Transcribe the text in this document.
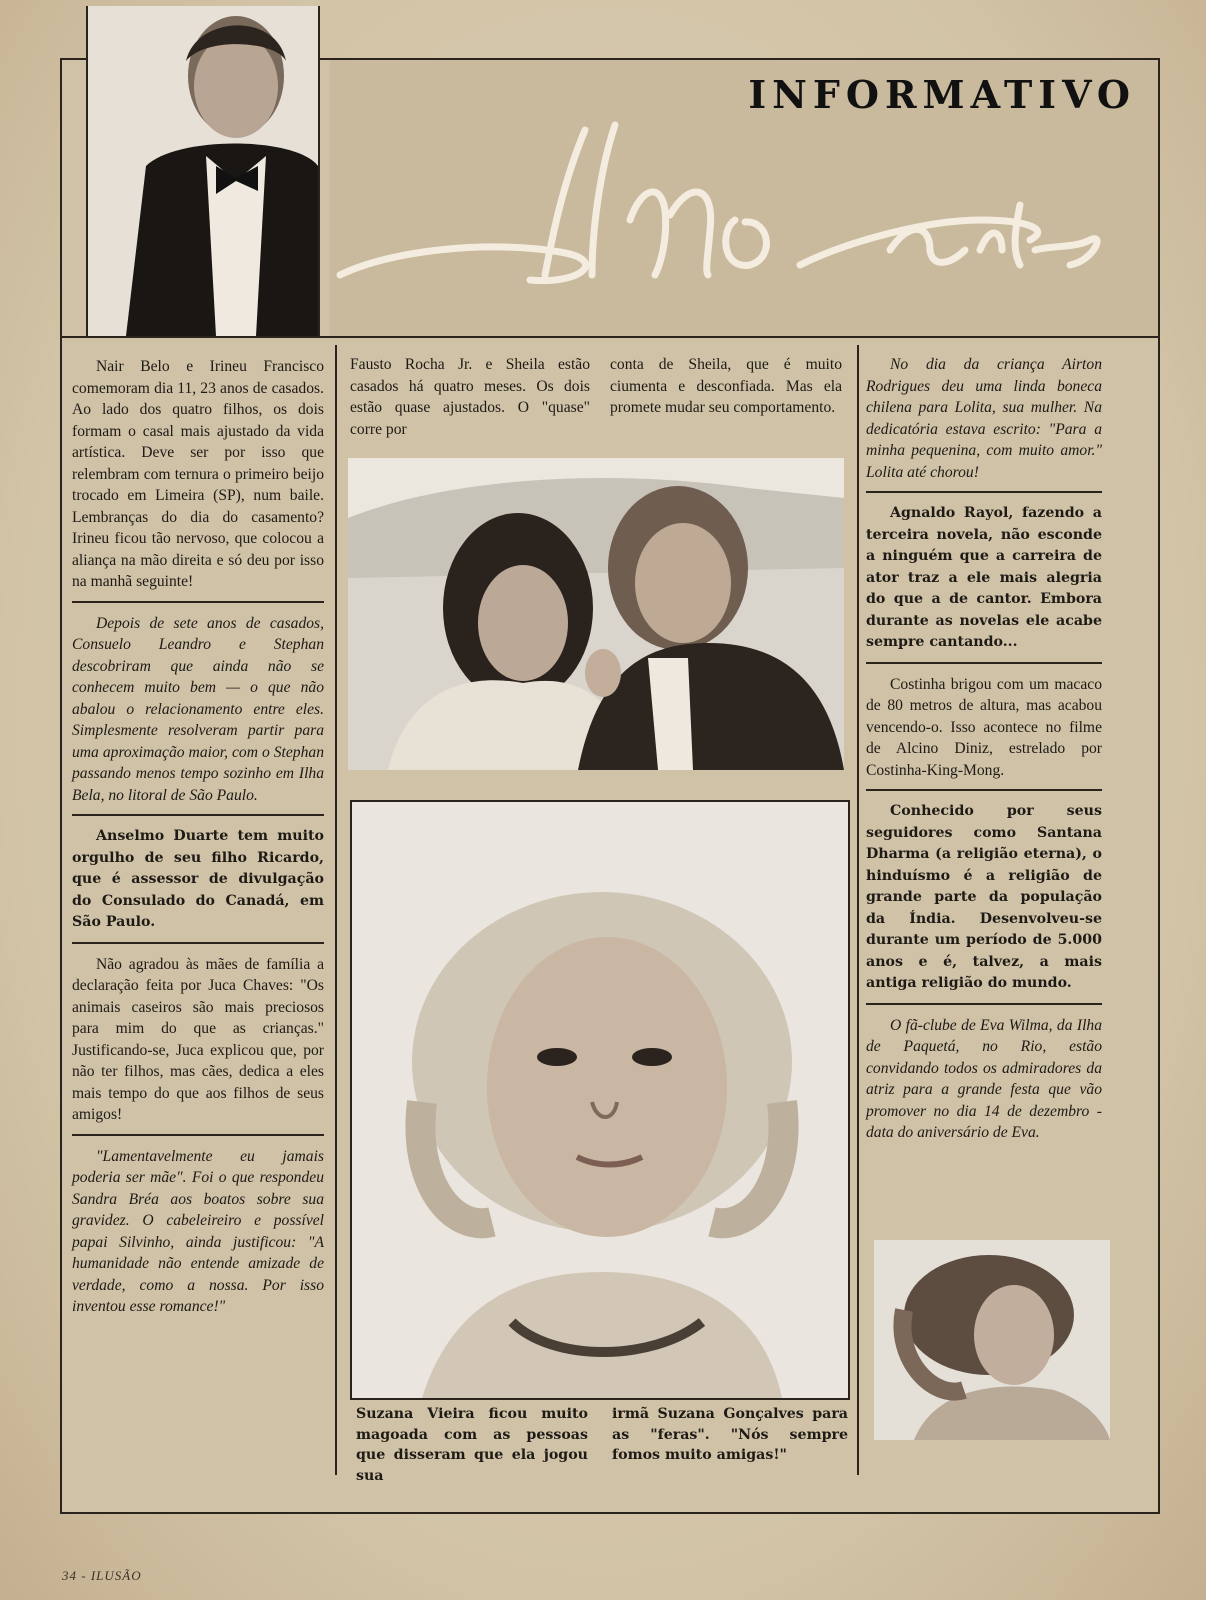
INFORMATIVO
Silvio Santos

Nair Belo e Irineu Francisco comemoram dia 11, 23 anos de casados. Ao lado dos quatro filhos, os dois formam o casal mais ajustado da vida artística. Deve ser por isso que relembram com ternura o primeiro beijo trocado em Limeira (SP), num baile. Lembranças do dia do casamento? Irineu ficou tão nervoso, que colocou a aliança na mão direita e só deu por isso na manhã seguinte!

Depois de sete anos de casados, Consuelo Leandro e Stephan descobriram que ainda não se conhecem muito bem — o que não abalou o relacionamento entre eles. Simplesmente resolveram partir para uma aproximação maior, com o Stephan passando menos tempo sozinho em Ilha Bela, no litoral de São Paulo.

Anselmo Duarte tem muito orgulho de seu filho Ricardo, que é assessor de divulgação do Consulado do Canadá, em São Paulo.

Não agradou às mães de família a declaração feita por Juca Chaves: "Os animais caseiros são mais preciosos para mim do que as crianças." Justificando-se, Juca explicou que, por não ter filhos, mas cães, dedica a eles mais tempo do que aos filhos de seus amigos!

"Lamentavelmente eu jamais poderia ser mãe". Foi o que respondeu Sandra Bréa aos boatos sobre sua gravidez. O cabeleireiro e possível papai Silvinho, ainda justificou: "A humanidade não entende amizade de verdade, como a nossa. Por isso inventou esse romance!"

Fausto Rocha Jr. e Sheila estão casados há quatro meses. Os dois estão quase ajustados. O "quase" corre por

conta de Sheila, que é muito ciumenta e desconfiada. Mas ela promete mudar seu comportamento.

Suzana Vieira ficou muito magoada com as pessoas que disseram que ela jogou sua
irmã Suzana Gonçalves para as "feras". "Nós sempre fomos muito amigas!"

No dia da criança Airton Rodrigues deu uma linda boneca chilena para Lolita, sua mulher. Na dedicatória estava escrito: "Para a minha pequenina, com muito amor." Lolita até chorou!

Agnaldo Rayol, fazendo a terceira novela, não esconde a ninguém que a carreira de ator traz a ele mais alegria do que a de cantor. Embora durante as novelas ele acabe sempre cantando...

Costinha brigou com um macaco de 80 metros de altura, mas acabou vencendo-o. Isso acontece no filme de Alcino Diniz, estrelado por Costinha-King-Mong.

Conhecido por seus seguidores como Santana Dharma (a religião eterna), o hinduísmo é a religião de grande parte da população da Índia. Desenvolveu-se durante um período de 5.000 anos e é, talvez, a mais antiga religião do mundo.

O fã-clube de Eva Wilma, da Ilha de Paquetá, no Rio, estão convidando todos os admiradores da atriz para a grande festa que vão promover no dia 14 de dezembro - data do aniversário de Eva.

34 - ILUSÃO
